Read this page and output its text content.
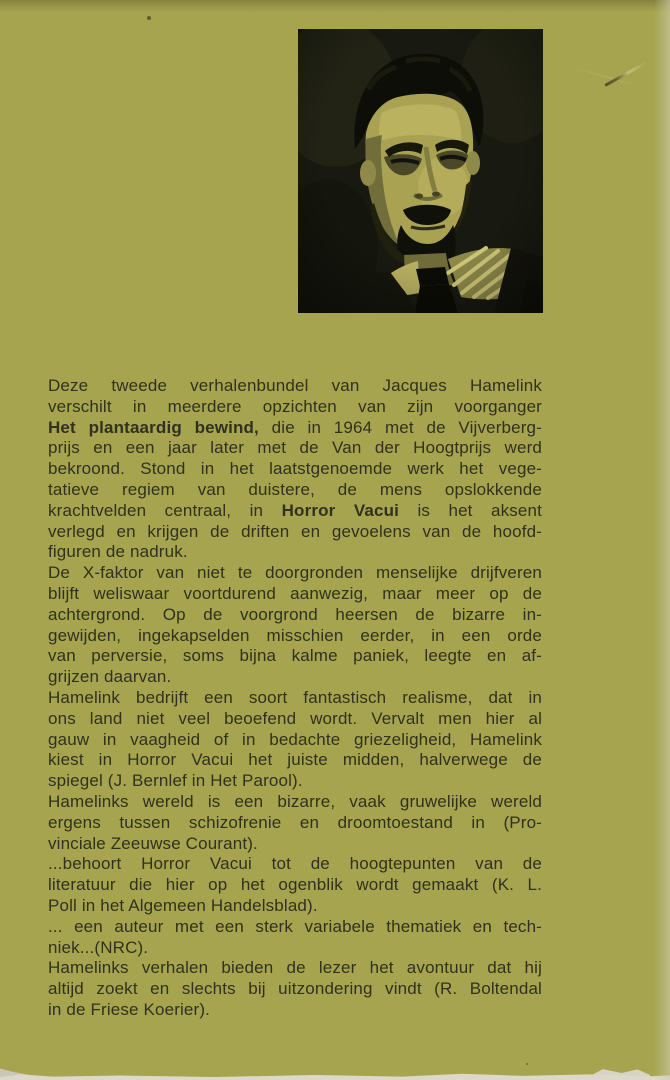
Deze tweede verhalenbundel van Jacques Hamelink
verschilt in meerdere opzichten van zijn voorganger
Het plantaardig bewind, die in 1964 met de Vijverberg-
prijs en een jaar later met de Van der Hoogtprijs werd
bekroond. Stond in het laatstgenoemde werk het vege-
tatieve regiem van duistere, de mens opslokkende
krachtvelden centraal, in Horror Vacui is het aksent
verlegd en krijgen de driften en gevoelens van de hoofd-
figuren de nadruk.
De X-faktor van niet te doorgronden menselijke drijfveren
blijft weliswaar voortdurend aanwezig, maar meer op de
achtergrond. Op de voorgrond heersen de bizarre in-
gewijden, ingekapselden misschien eerder, in een orde
van perversie, soms bijna kalme paniek, leegte en af-
grijzen daarvan.
Hamelink bedrijft een soort fantastisch realisme, dat in
ons land niet veel beoefend wordt. Vervalt men hier al
gauw in vaagheid of in bedachte griezeligheid, Hamelink
kiest in Horror Vacui het juiste midden, halverwege de
spiegel (J. Bernlef in Het Parool).
Hamelinks wereld is een bizarre, vaak gruwelijke wereld
ergens tussen schizofrenie en droomtoestand in (Pro-
vinciale Zeeuwse Courant).
...behoort Horror Vacui tot de hoogtepunten van de
literatuur die hier op het ogenblik wordt gemaakt (K. L.
Poll in het Algemeen Handelsblad).
... een auteur met een sterk variabele thematiek en tech-
niek...(NRC).
Hamelinks verhalen bieden de lezer het avontuur dat hij
altijd zoekt en slechts bij uitzondering vindt (R. Boltendal
in de Friese Koerier).
